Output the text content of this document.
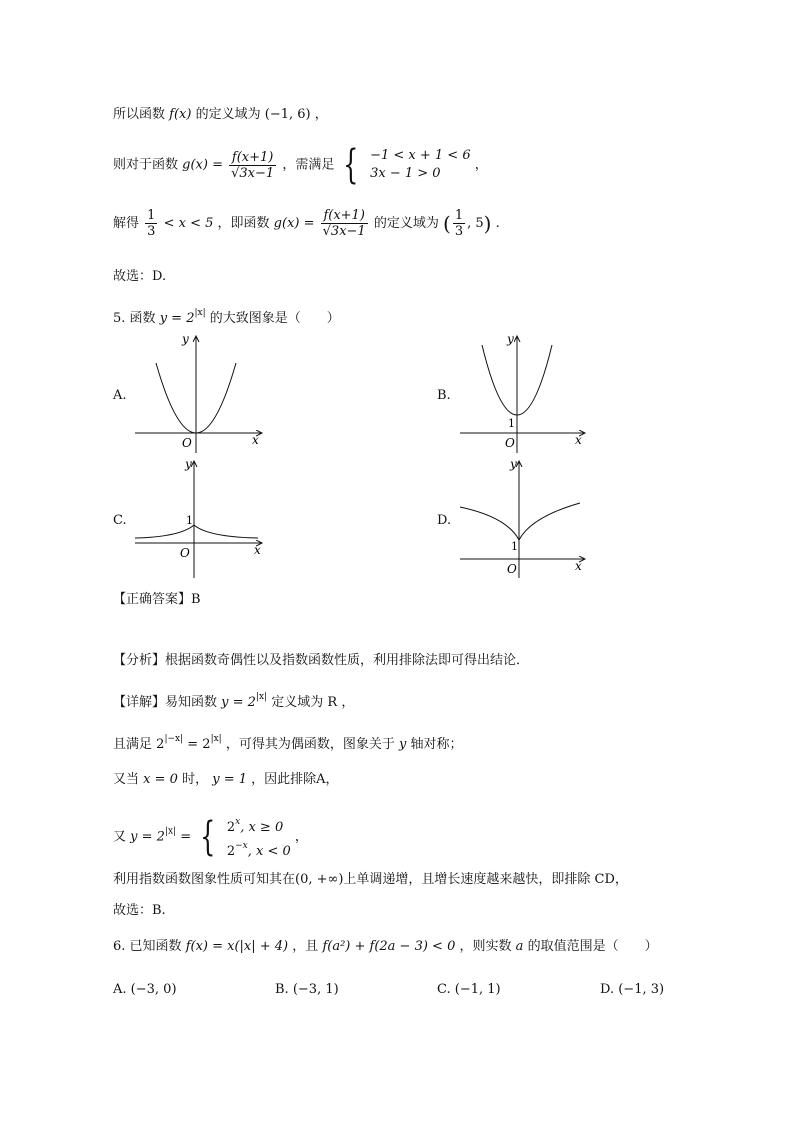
所以函数 f(x) 的定义域为 (−1, 6) ，
则对于函数 $g(x) = \frac{f(x+1)}{√3x-1}$ ，需满足 { −1 < x + 1 < 6
3x − 1 > 0
，
解得 $\frac{1}{3} < x < 5$ ，即函数 $g(x) = \frac{f(x+1)}{√3x-1}$ 的定义域为 ( $\frac{1}{3}$ , 5) .
故选：D.
5. 函数 $y = 2^{|x|}$ 的大致图象是（　　）
A.
y
x
O
B.
y
x
O
1
C.
y
x
O
1	D.
y
x
O
1
【正确答案】B
【分析】根据函数奇偶性以及指数函数性质，利用排除法即可得出结论．
【详解】易知函数 $y = 2^{|x|}$ 定义域为 R ，
且满足 $2^{|-x|} = 2^{|x|}$ ，可得其为偶函数，图象关于 y 轴对称；
又当 x = 0 时， y = 1 ，因此排除A，
又 $y = 2^{|x|}$ = { 2$^x$, x ≥ 0
$2^{-x}$, x < 0
，
利用指数函数图象性质可知其在(0, +∞)上单调递增，且增长速度越来越快，即排除 CD，
故选：B.
6. 已知函数 f(x) = x(|x| + 4) ，且 f(a²) + f(2a − 3) < 0 ，则实数 a 的取值范围是（　　）
A. (−3, 0)	B. (−3, 1)	C. (−1, 1)	D. (−1, 3)
